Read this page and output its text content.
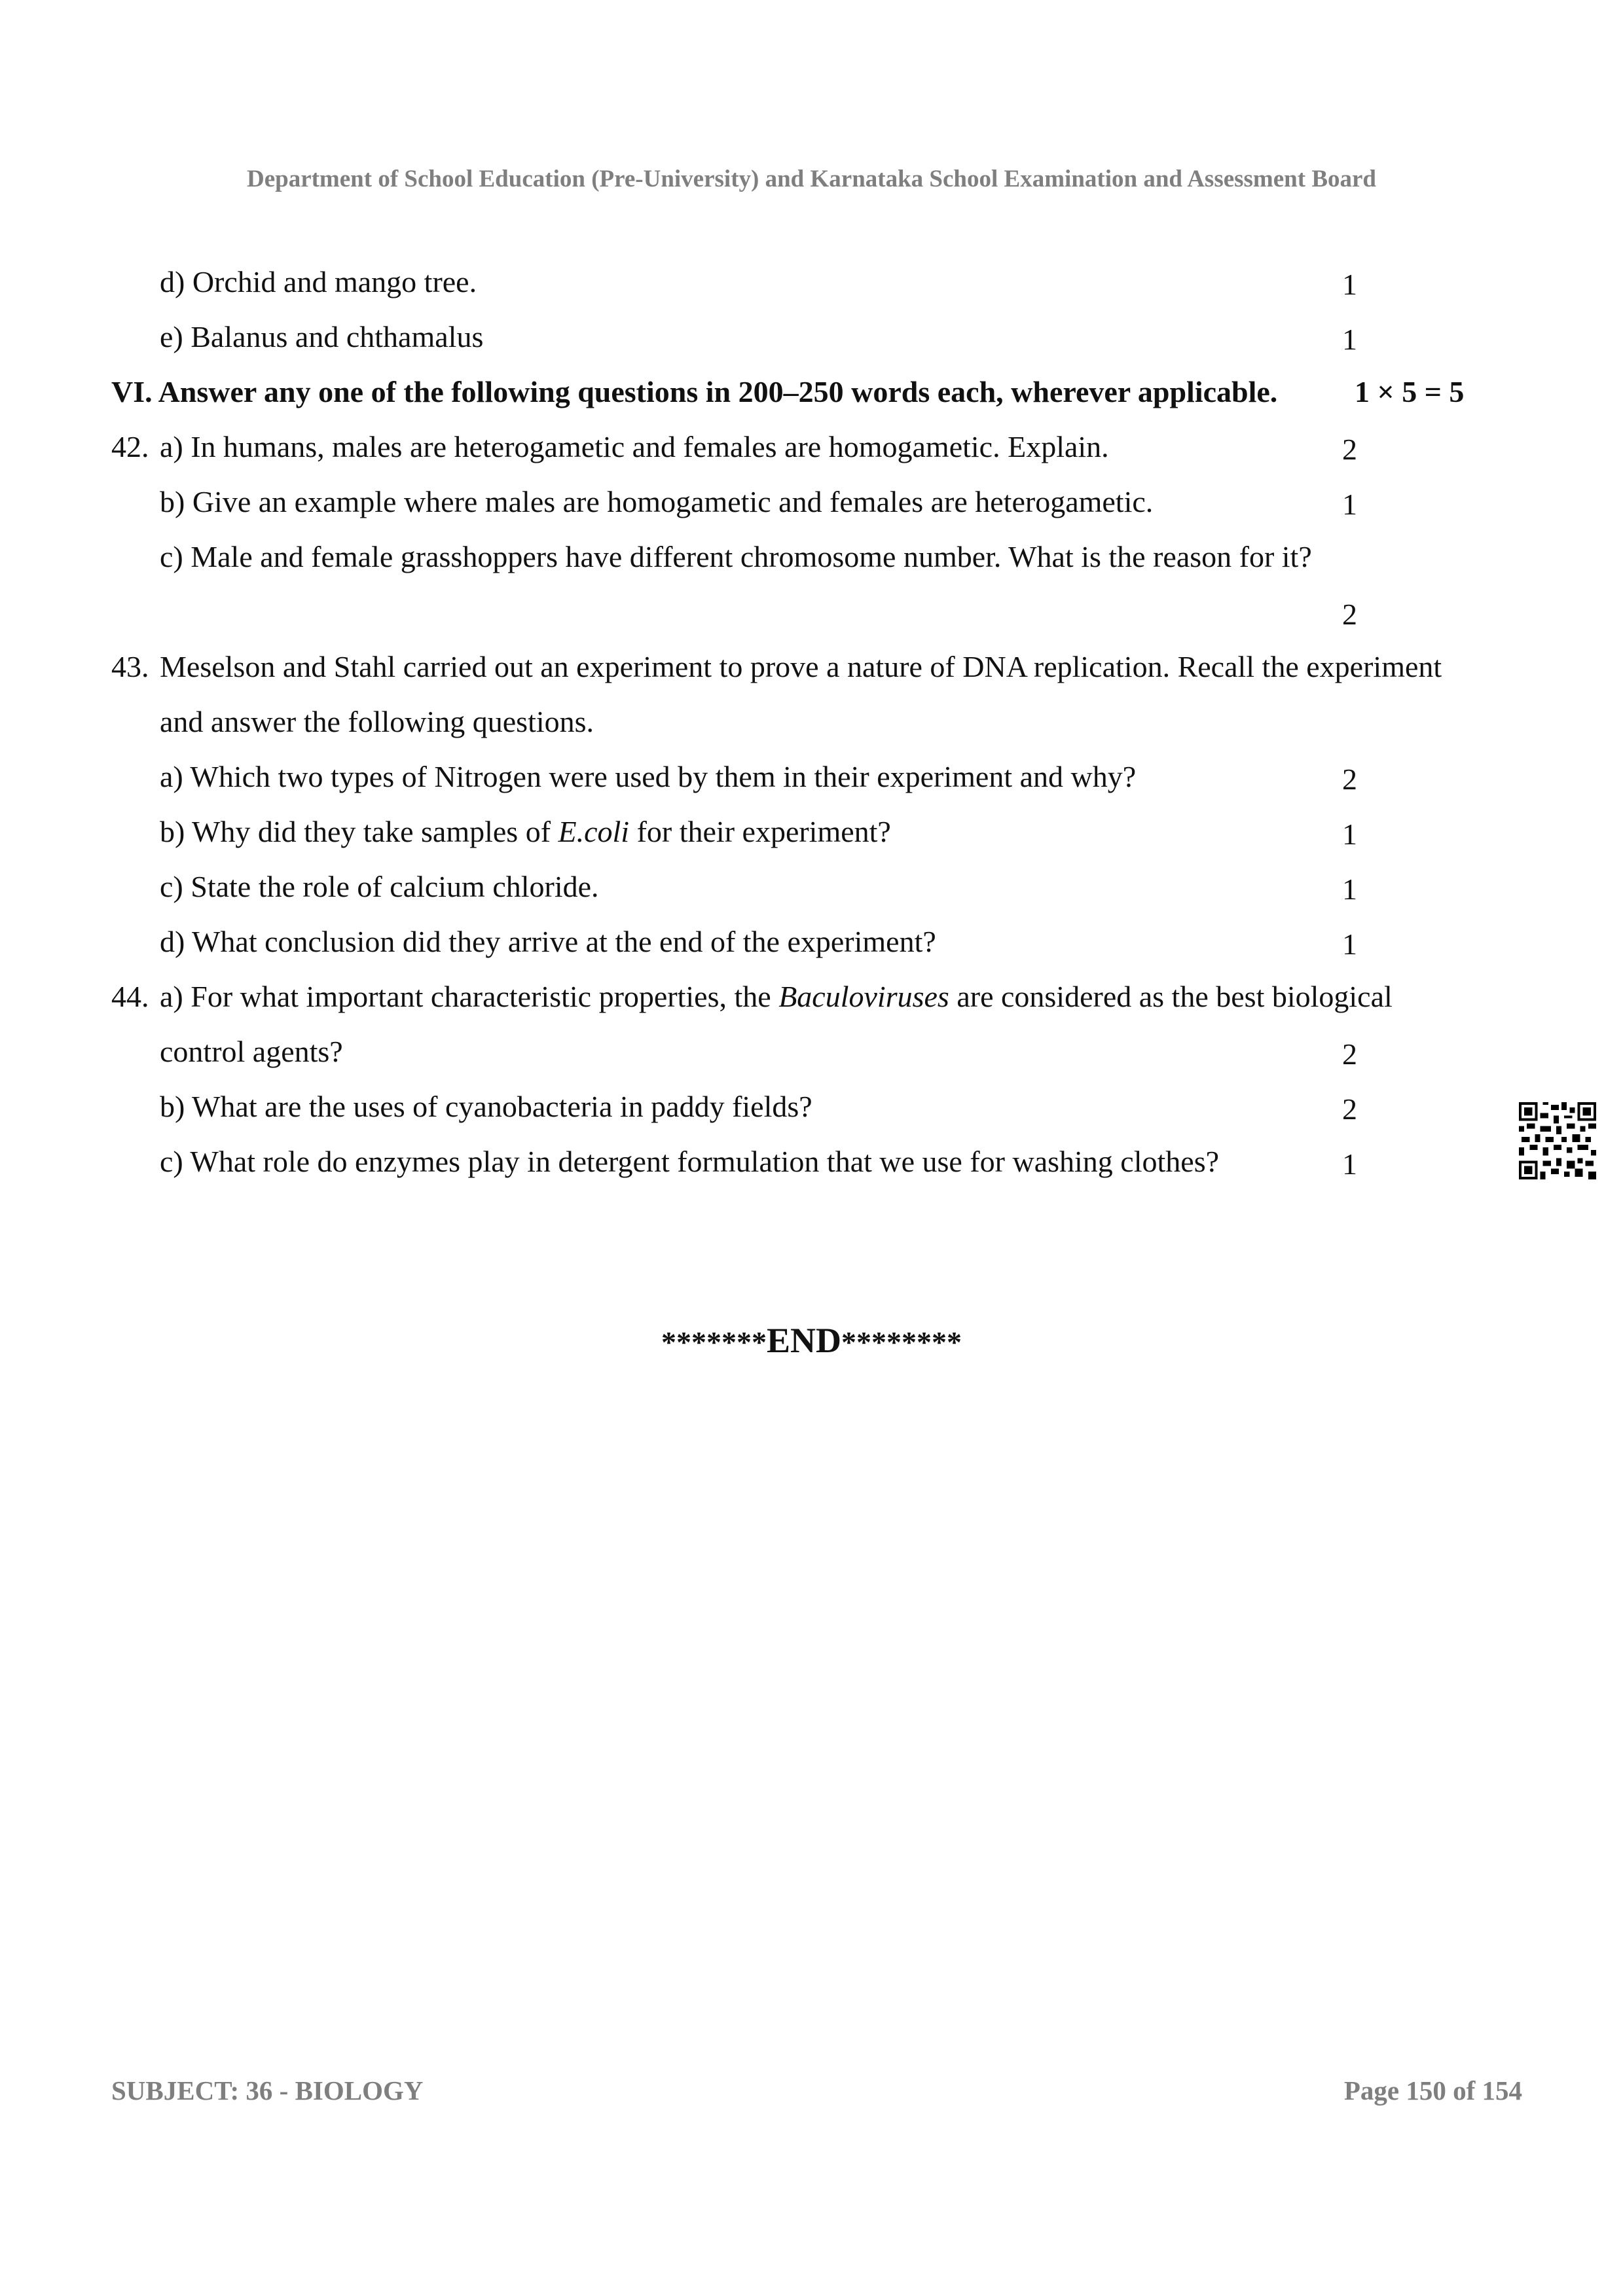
Department of School Education (Pre-University) and Karnataka School Examination and Assessment Board
d) Orchid and mango tree.	1
e) Balanus and chthamalus	1
VI. Answer any one of the following questions in 200–250 words each, wherever applicable.	1 × 5 = 5
42. a) In humans, males are heterogametic and females are homogametic. Explain.	2
b) Give an example where males are homogametic and females are heterogametic.	1
c) Male and female grasshoppers have different chromosome number. What is the reason for it?
2
43. Meselson and Stahl carried out an experiment to prove a nature of DNA replication. Recall the experiment
and answer the following questions.
a) Which two types of Nitrogen were used by them in their experiment and why?	2
b) Why did they take samples of E.coli for their experiment?	1
c) State the role of calcium chloride.	1
d) What conclusion did they arrive at the end of the experiment?	1
44. a) For what important characteristic properties, the Baculoviruses are considered as the best biological
control agents?	2
b) What are the uses of cyanobacteria in paddy fields?	2
c) What role do enzymes play in detergent formulation that we use for washing clothes?	1
*******END********
SUBJECT: 36 - BIOLOGY	Page 150 of 154
